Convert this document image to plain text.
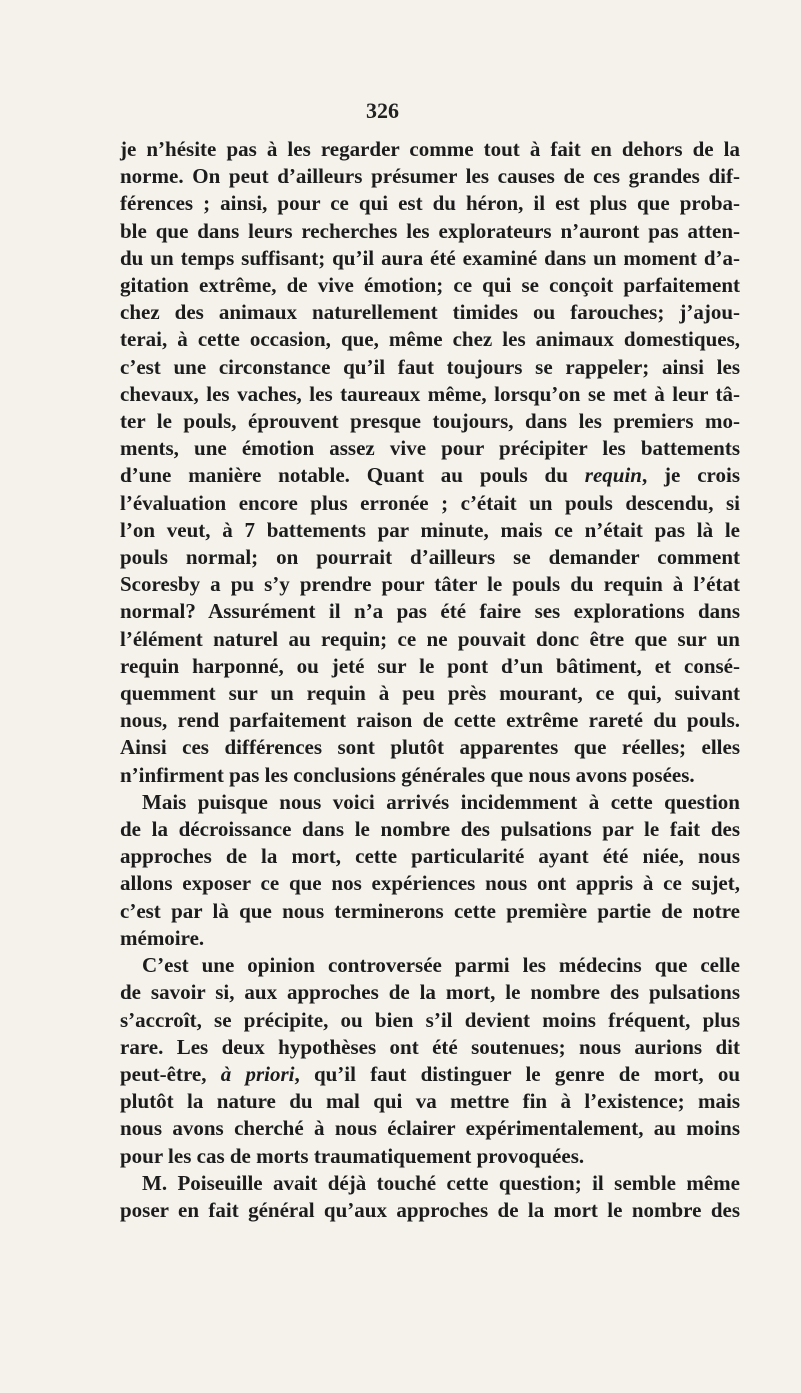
326
je n’hésite pas à les regarder comme tout à fait en dehors de la
norme. On peut d’ailleurs présumer les causes de ces grandes dif-
férences ; ainsi, pour ce qui est du héron, il est plus que proba-
ble que dans leurs recherches les explorateurs n’auront pas atten-
du un temps suffisant; qu’il aura été examiné dans un moment d’a-
gitation extrême, de vive émotion; ce qui se conçoit parfaitement
chez des animaux naturellement timides ou farouches; j’ajou-
terai, à cette occasion, que, même chez les animaux domestiques,
c’est une circonstance qu’il faut toujours se rappeler; ainsi les
chevaux, les vaches, les taureaux même, lorsqu’on se met à leur tâ-
ter le pouls, éprouvent presque toujours, dans les premiers mo-
ments, une émotion assez vive pour précipiter les battements
d’une manière notable. Quant au pouls du requin, je crois
l’évaluation encore plus erronée ; c’était un pouls descendu, si
l’on veut, à 7 battements par minute, mais ce n’était pas là le
pouls normal; on pourrait d’ailleurs se demander comment
Scoresby a pu s’y prendre pour tâter le pouls du requin à l’état
normal? Assurément il n’a pas été faire ses explorations dans
l’élément naturel au requin; ce ne pouvait donc être que sur un
requin harponné, ou jeté sur le pont d’un bâtiment, et consé-
quemment sur un requin à peu près mourant, ce qui, suivant
nous, rend parfaitement raison de cette extrême rareté du pouls.
Ainsi ces différences sont plutôt apparentes que réelles; elles
n’infirment pas les conclusions générales que nous avons posées.
Mais puisque nous voici arrivés incidemment à cette question
de la décroissance dans le nombre des pulsations par le fait des
approches de la mort, cette particularité ayant été niée, nous
allons exposer ce que nos expériences nous ont appris à ce sujet,
c’est par là que nous terminerons cette première partie de notre
mémoire.
C’est une opinion controversée parmi les médecins que celle
de savoir si, aux approches de la mort, le nombre des pulsations
s’accroît, se précipite, ou bien s’il devient moins fréquent, plus
rare. Les deux hypothèses ont été soutenues; nous aurions dit
peut-être, à priori, qu’il faut distinguer le genre de mort, ou
plutôt la nature du mal qui va mettre fin à l’existence; mais
nous avons cherché à nous éclairer expérimentalement, au moins
pour les cas de morts traumatiquement provoquées.
M. Poiseuille avait déjà touché cette question; il semble même
poser en fait général qu’aux approches de la mort le nombre des
